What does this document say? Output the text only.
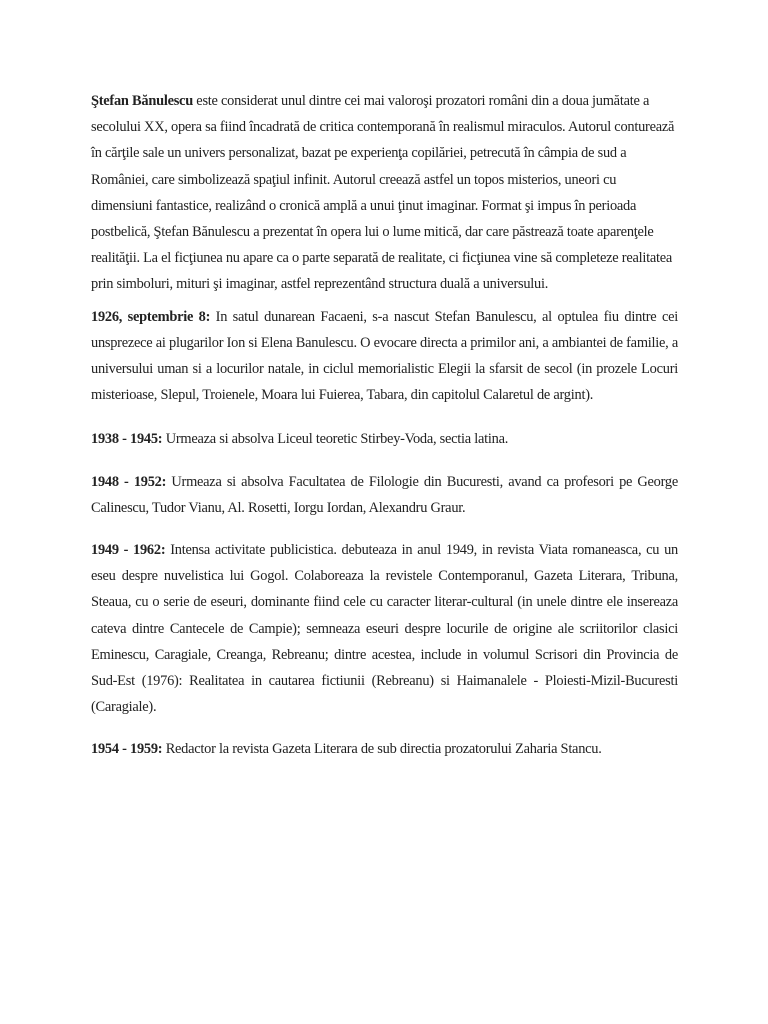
Ştefan Bănulescu este considerat unul dintre cei mai valoroşi prozatori români din a doua jumătate a secolului XX, opera sa fiind încadrată de critica contemporană în realismul miraculos. Autorul conturează în cărţile sale un univers personalizat, bazat pe experienţa copilăriei, petrecută în câmpia de sud a României, care simbolizează spaţiul infinit. Autorul creează astfel un topos misterios, uneori cu dimensiuni fantastice, realizând o cronică amplă a unui ţinut imaginar. Format şi impus în perioada postbelică, Ştefan Bănulescu a prezentat în opera lui o lume mitică, dar care păstrează toate aparenţele realităţii. La el ficţiunea nu apare ca o parte separată de realitate, ci ficţiunea vine să completeze realitatea prin simboluri, mituri şi imaginar, astfel reprezentând structura duală a universului.

1926, septembrie 8: In satul dunarean Facaeni, s-a nascut Stefan Banulescu, al optulea fiu dintre cei unsprezece ai plugarilor Ion si Elena Banulescu. O evocare directa a primilor ani, a ambiantei de familie, a universului uman si a locurilor natale, in ciclul memorialistic Elegii la sfarsit de secol (in prozele Locuri misterioase, Slepul, Troienele, Moara lui Fuierea, Tabara, din capitolul Calaretul de argint).

1938 - 1945: Urmeaza si absolva Liceul teoretic Stirbey-Voda, sectia latina.

1948 - 1952: Urmeaza si absolva Facultatea de Filologie din Bucuresti, avand ca profesori pe George Calinescu, Tudor Vianu, Al. Rosetti, Iorgu Iordan, Alexandru Graur.

1949 - 1962: Intensa activitate publicistica. debuteaza in anul 1949, in revista Viata romaneasca, cu un eseu despre nuvelistica lui Gogol. Colaboreaza la revistele Contemporanul, Gazeta Literara, Tribuna, Steaua, cu o serie de eseuri, dominante fiind cele cu caracter literar-cultural (in unele dintre ele insereaza cateva dintre Cantecele de Campie); semneaza eseuri despre locurile de origine ale scriitorilor clasici Eminescu, Caragiale, Creanga, Rebreanu; dintre acestea, include in volumul Scrisori din Provincia de Sud-Est (1976): Realitatea in cautarea fictiunii (Rebreanu) si Haimanalele - Ploiesti-Mizil-Bucuresti (Caragiale).

1954 - 1959: Redactor la revista Gazeta Literara de sub directia prozatorului Zaharia Stancu.
